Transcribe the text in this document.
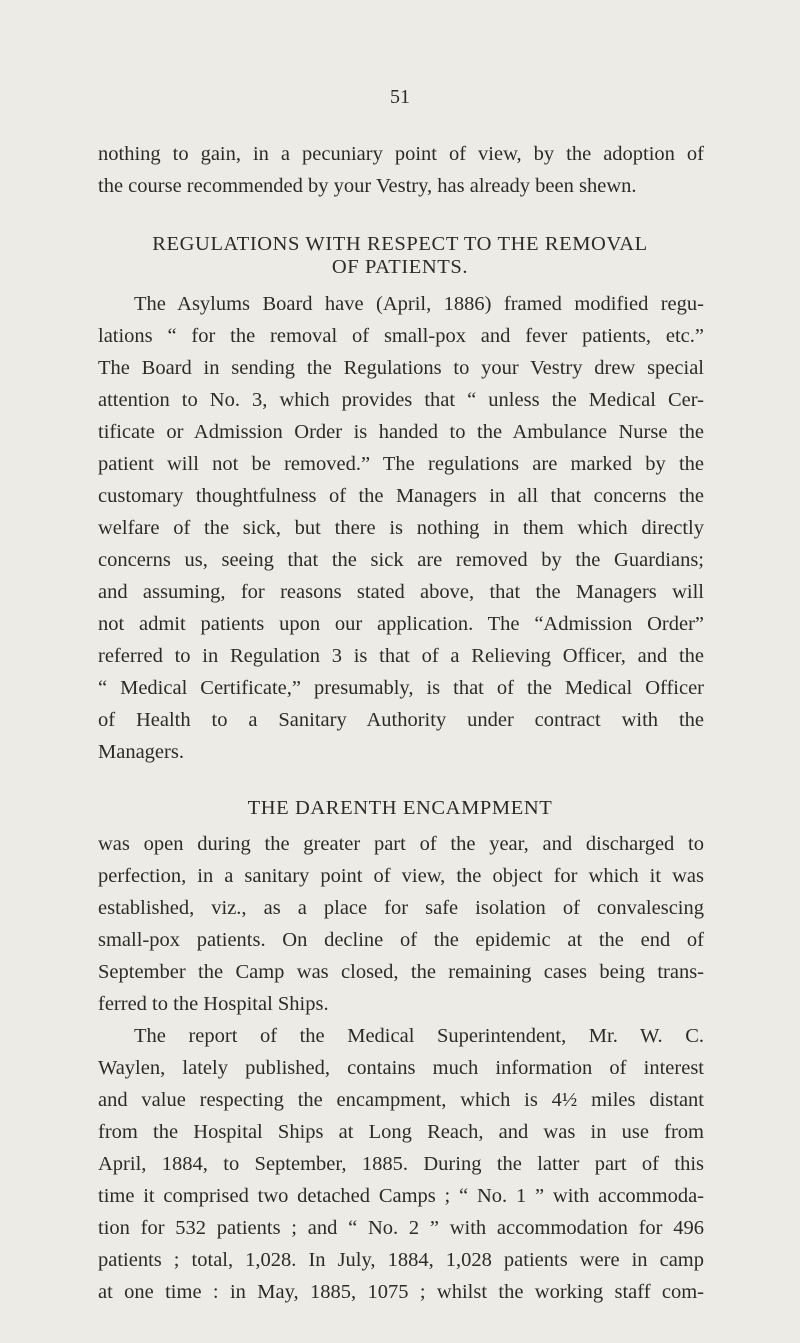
51
nothing to gain, in a pecuniary point of view, by the adoption of
the course recommended by your Vestry, has already been shewn.
REGULATIONS WITH RESPECT TO THE REMOVAL
OF PATIENTS.
The Asylums Board have (April, 1886) framed modified regu-
lations “ for the removal of small-pox and fever patients, etc.”
The Board in sending the Regulations to your Vestry drew special
attention to No. 3, which provides that “ unless the Medical Cer-
tificate or Admission Order is handed to the Ambulance Nurse the
patient will not be removed.” The regulations are marked by the
customary thoughtfulness of the Managers in all that concerns the
welfare of the sick, but there is nothing in them which directly
concerns us, seeing that the sick are removed by the Guardians;
and assuming, for reasons stated above, that the Managers will
not admit patients upon our application. The “Admission Order”
referred to in Regulation 3 is that of a Relieving Officer, and the
“ Medical Certificate,” presumably, is that of the Medical Officer
of Health to a Sanitary Authority under contract with the
Managers.
THE DARENTH ENCAMPMENT
was open during the greater part of the year, and discharged to
perfection, in a sanitary point of view, the object for which it was
established, viz., as a place for safe isolation of convalescing
small-pox patients. On decline of the epidemic at the end of
September the Camp was closed, the remaining cases being trans-
ferred to the Hospital Ships.
The report of the Medical Superintendent, Mr. W. C.
Waylen, lately published, contains much information of interest
and value respecting the encampment, which is 4½ miles distant
from the Hospital Ships at Long Reach, and was in use from
April, 1884, to September, 1885. During the latter part of this
time it comprised two detached Camps ; “ No. 1 ” with accommoda-
tion for 532 patients ; and “ No. 2 ” with accommodation for 496
patients ; total, 1,028. In July, 1884, 1,028 patients were in camp
at one time : in May, 1885, 1075 ; whilst the working staff com-
